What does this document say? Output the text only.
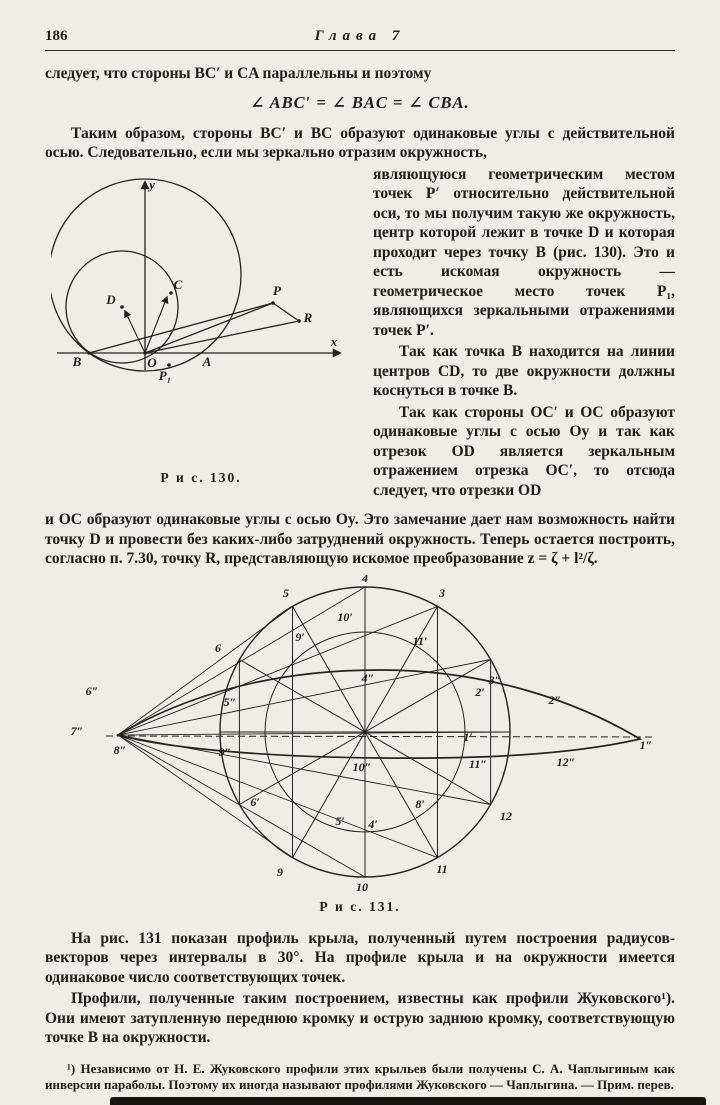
186	Глава 7

следует, что стороны BC′ и CA параллельны и поэтому

∠ ABC′ = ∠ BAC = ∠ CBA.

Таким образом, стороны BC′ и BC образуют одинаковые углы с действительной осью. Следовательно, если мы зеркально отразим окружность,

y
x
B	O
P₁
A
D
C	P
R
Р и с. 130.

являющуюся геометрическим местом точек P′ относительно действительной оси, то мы получим такую же окружность, центр которой лежит в точке D и которая проходит через точку B (рис. 130). Это и есть искомая окружность — геометрическое место точек P₁, являющихся зеркальными отражениями точек P′.

Так как точка B находится на линии центров CD, то две окружности должны коснуться в точке B.

Так как стороны OC′ и OC образуют одинаковые углы с осью Oy и так как отрезок OD является зеркальным отражением отрезка OC′, то отсюда следует, что отрезки OD

и OC образуют одинаковые углы с осью Oy. Это замечание дает нам возможность найти точку D и провести без каких-либо затруднений окружность. Теперь остается построить, согласно п. 7.30, точку R, представляющую искомое преобразование z = ζ + l²/ζ.

4
3
5
6
9
10
11
12
10′
9′	11′
2′
1′
8′
4′
5′
6′
7″
6″
8″
5″
9″
4″
10″
3″
11″
2″
12″
1″
Р и с. 131.

На рис. 131 показан профиль крыла, полученный путем построения радиусов-векторов через интервалы в 30°. На профиле крыла и на окружности имеется одинаковое число соответствующих точек.

Профили, полученные таким построением, известны как профили Жуковского¹). Они имеют затупленную переднюю кромку и острую заднюю кромку, соответствующую точке B на окружности.

¹) Независимо от Н. Е. Жуковского профили этих крыльев были получены С. А. Чаплыгиным как инверсии параболы. Поэтому их иногда называют профилями Жуковского — Чаплыгина. — Прим. перев.
